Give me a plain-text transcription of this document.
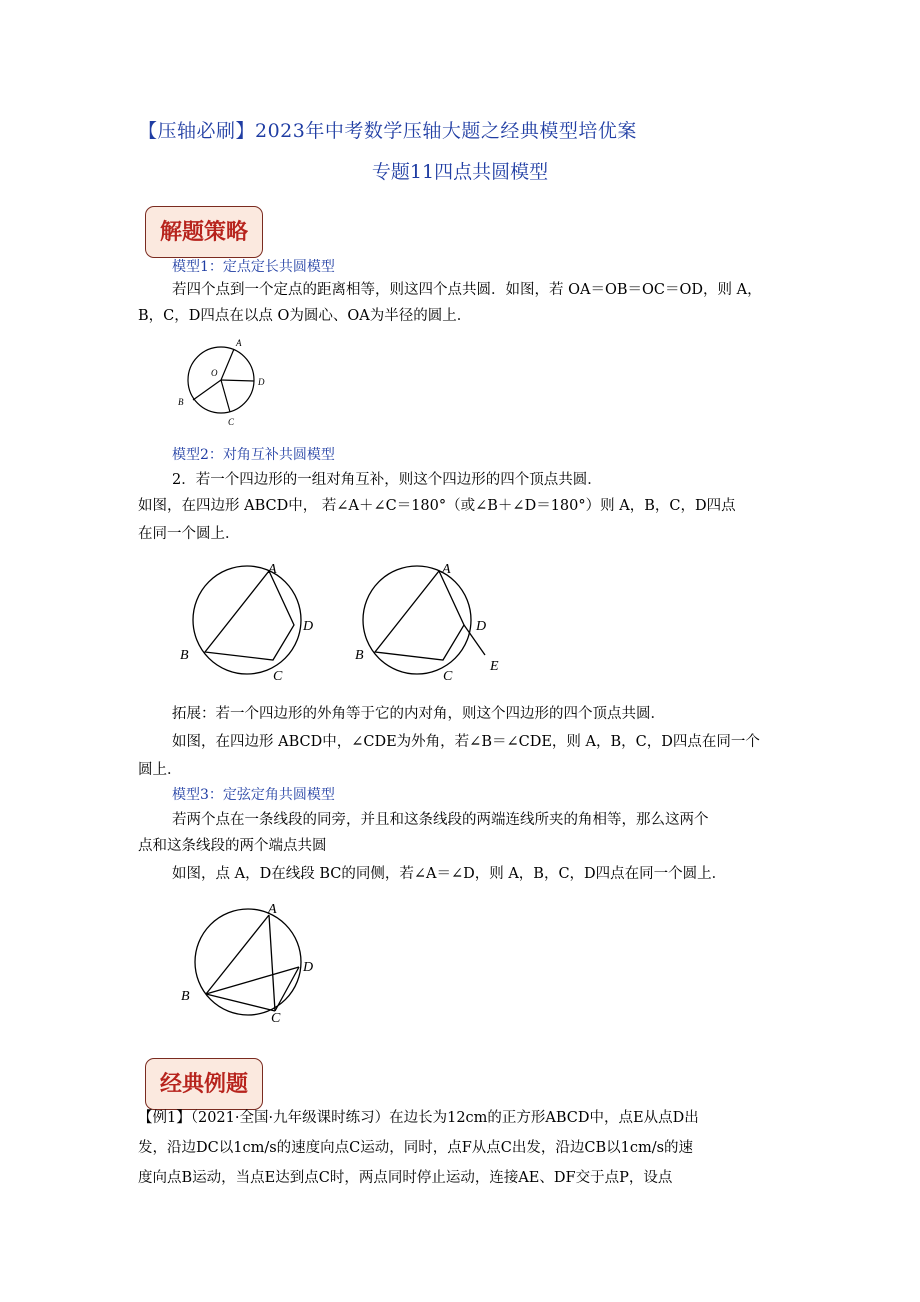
【压轴必刷】2023年中考数学压轴大题之经典模型培优案
专题11四点共圆模型
解题策略
模型1：定点定长共圆模型
若四个点到一个定点的距离相等，则这四个点共圆．如图，若 OA＝OB＝OC＝OD，则 A，
B，C，D四点在以点 O为圆心、OA为半径的圆上．
A
O
D
B
C
模型2：对角互补共圆模型
2．若一个四边形的一组对角互补，则这个四边形的四个顶点共圆．
如图，在四边形 ABCD中， 若∠A＋∠C＝180°（或∠B＋∠D＝180°）则 A，B，C，D四点
在同一个圆上．
A
D
B
C
A
D
B
C
E
拓展：若一个四边形的外角等于它的内对角，则这个四边形的四个顶点共圆．
如图，在四边形 ABCD中，∠CDE为外角，若∠B＝∠CDE，则 A，B，C，D四点在同一个
圆上．
模型3：定弦定角共圆模型
若两个点在一条线段的同旁，并且和这条线段的两端连线所夹的角相等，那么这两个
点和这条线段的两个端点共圆
如图，点 A，D在线段 BC的同侧，若∠A＝∠D，则 A，B，C，D四点在同一个圆上．
A
D
B
C
经典例题
【例1】（2021·全国·九年级课时练习）在边长为12cm的正方形ABCD中，点E从点D出
发，沿边DC以1cm/s的速度向点C运动，同时，点F从点C出发，沿边CB以1cm/s的速
度向点B运动，当点E达到点C时，两点同时停止运动，连接AE、DF交于点P，设点
